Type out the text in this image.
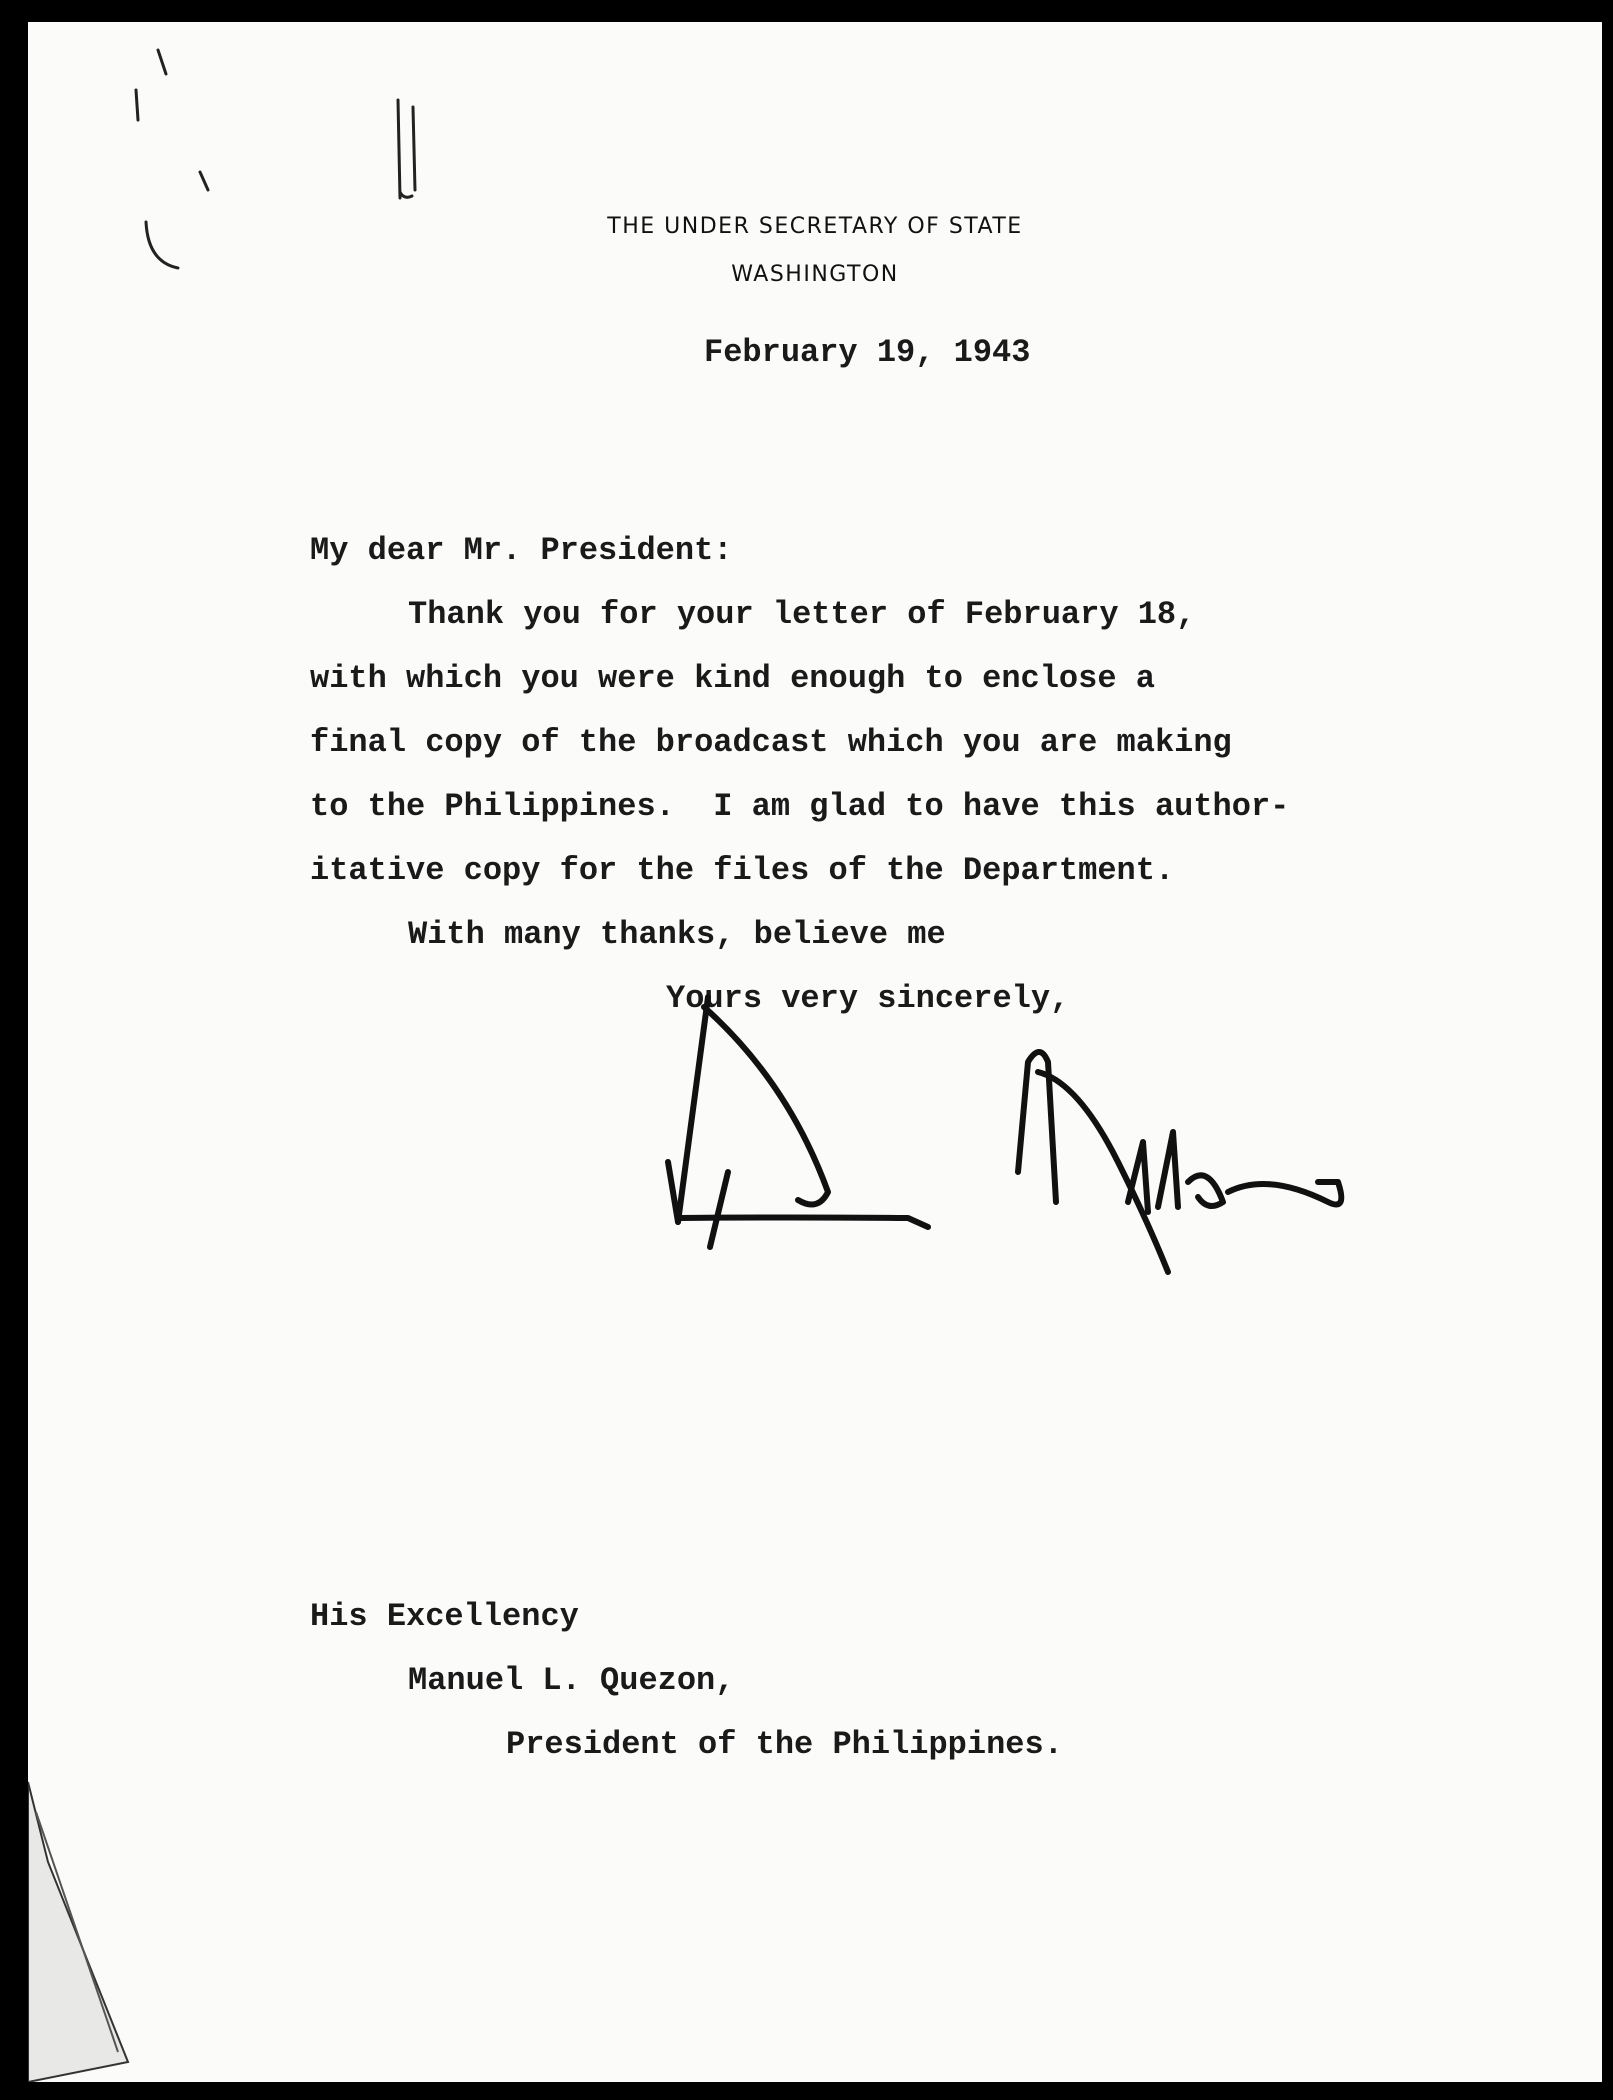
THE UNDER SECRETARY OF STATE
WASHINGTON
February 19, 1943
My dear Mr. President:
Thank you for your letter of February 18,
with which you were kind enough to enclose a
final copy of the broadcast which you are making
to the Philippines.  I am glad to have this author-
itative copy for the files of the Department.
With many thanks, believe me
Yours very sincerely,
His Excellency
Manuel L. Quezon,
President of the Philippines.
